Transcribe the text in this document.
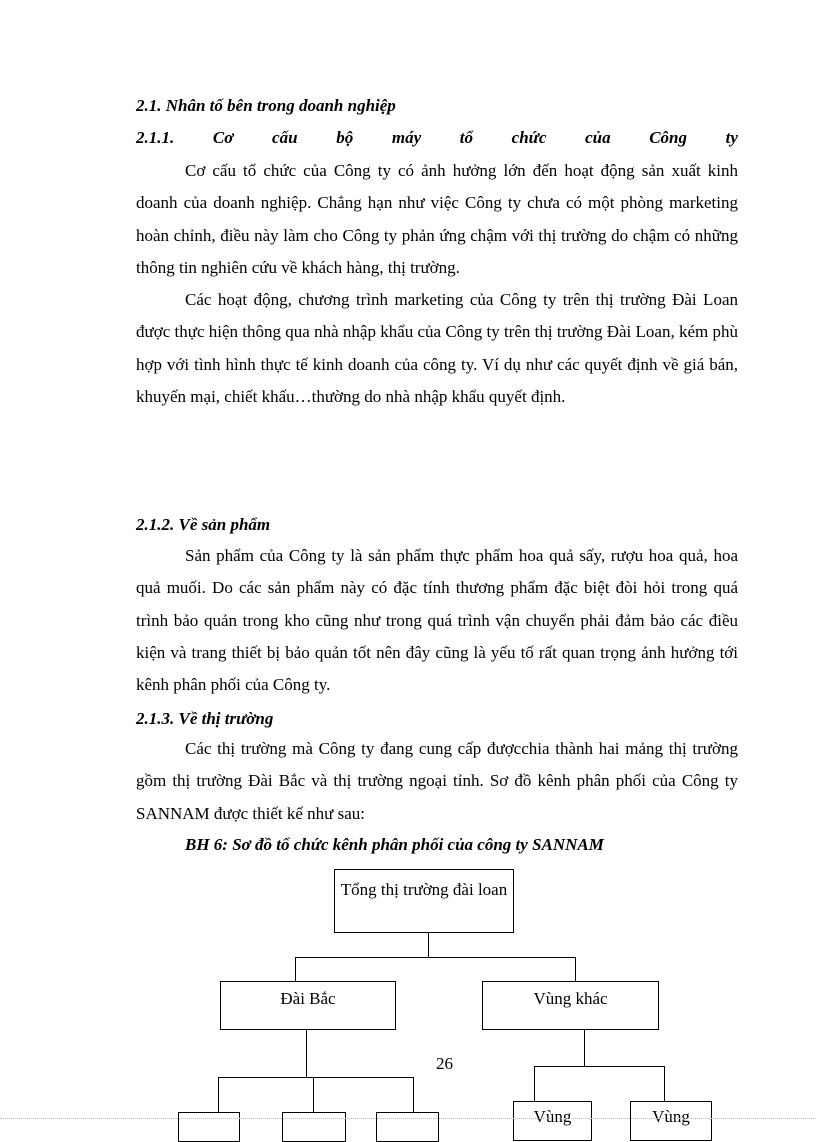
2.1. Nhân tố bên trong doanh nghiệp

2.1.1. Cơ cấu bộ máy tổ chức của Công ty

Cơ cấu tổ chức của Công ty có ảnh hưởng lớn đến hoạt động sản xuất kinh doanh của doanh nghiệp. Chẳng hạn như việc Công ty chưa có một phòng marketing hoàn chỉnh, điều này làm cho Công ty phản ứng chậm với thị trường do chậm có những thông tin nghiên cứu về khách hàng, thị trường.

Các hoạt động, chương trình marketing của Công ty trên thị trường Đài Loan được thực hiện thông qua nhà nhập khẩu của Công ty trên thị trường Đài Loan, kém phù hợp với tình hình thực tế kinh doanh của công ty. Ví dụ như các quyết định về giá bán, khuyến mại, chiết khấu…thường do nhà nhập khẩu quyết định.

2.1.2. Về sản phẩm

Sản phẩm của Công ty là sản phẩm thực phẩm hoa quả sấy, rượu hoa quả, hoa quả muối. Do các sản phẩm này có đặc tính thương phẩm đặc biệt đòi hỏi trong quá trình bảo quản trong kho cũng như trong quá trình vận chuyển phải đảm bảo các điều kiện và trang thiết bị bảo quản tốt nên đây cũng là yếu tố rất quan trọng ảnh hưởng tới kênh phân phối của Công ty.

2.1.3. Về thị trường

Các thị trường mà Công ty đang cung cấp đượcchia thành hai mảng thị trường gồm thị trường Đài Bắc và thị trường ngoại tỉnh. Sơ đồ kênh phân phối của Công ty SANNAM được thiết kế như sau:

BH 6: Sơ đồ tổ chức kênh phân phối của công ty SANNAM

Tổng thị trường đài loan
Đài Bắc	Vùng khác
Vùng	Vùng
26
